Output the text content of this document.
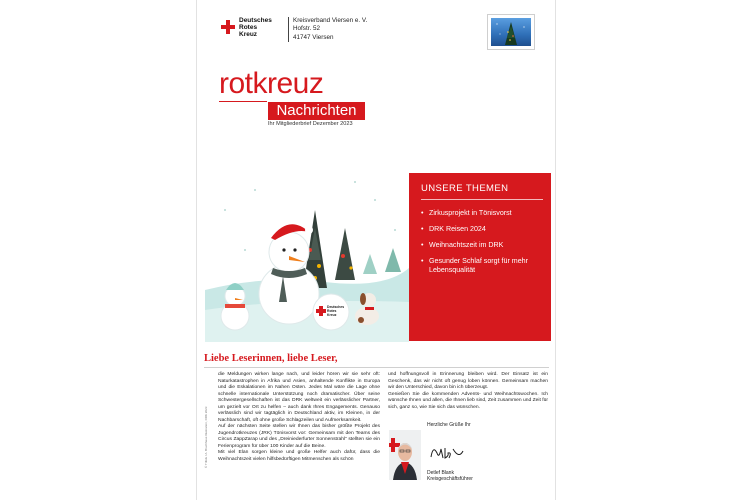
Deutsches
Rotes
Kreuz
Kreisverband Viersen e. V.
Hofstr. 52
41747 Viersen
rotkreuz
Nachrichten
Ihr Mitgliederbrief Dezember 2023
Deutsches
Rotes
Kreuz
UNSERE THEMEN
• Zirkusprojekt in Tönisvorst
• DRK Reisen 2024
• Weihnachtszeit im DRK
• Gesunder Schlaf sorgt für mehr Lebensqualität
Liebe Leserinnen, liebe Leser,
© Trifels / A. Bruchhaus Illustration, DRK 2023

die Meldungen wirken lange nach, und leider hören wir sie sehr oft: Naturkatastrophen in Afrika und Asien, anhaltende Konflikte in Europa und die Eskalationen im Nahen Osten. Jedes Mal wäre die Lage ohne schnelle internationale Unterstützung noch dramatischer. Über seine Schwestergesellschaften ist das DRK weltweit ein verlässlicher Partner, um gezielt vor Ort zu helfen – auch dank Ihres Engagements. Genauso verlässlich sind wir tagtäglich in Deutschland aktiv, im Kleinen, in der Nachbarschaft, oft ohne große Schlagzeilen und Aufmerksamkeit.

Auf der nächsten Seite stellen wir Ihnen das bisher größte Projekt des Jugendrotkreuzes (JRK) Tönisvorst vor: Gemeinsam mit den Teams des Circus ZappZarap und des „Dreiniederfurter Sonnenstrahl“ stellten sie ein Ferienprogram für über 100 Kinder auf die Beine.

Mit viel Elan sorgen kleine und große Helfer auch dafür, dass die Weihnachtszeit vielen hilfsbedürftigen Mitmenschen als schön

und hoffnungsvoll in Erinnerung bleiben wird. Der Einsatz ist ein Geschenk, das wir nicht oft genug loben können. Gemeinsam machen wir den Unterschied, davon bin ich überzeugt.

Genießen Sie die kommenden Advents- und Weihnachtswochen. Ich wünsche Ihnen und allen, die Ihnen lieb sind, Zeit zusammen und Zeit für sich, ganz so, wie Sie sich das wünschen.

Herzliche Grüße Ihr
Detlef Blank
Kreisgeschäftsführer
